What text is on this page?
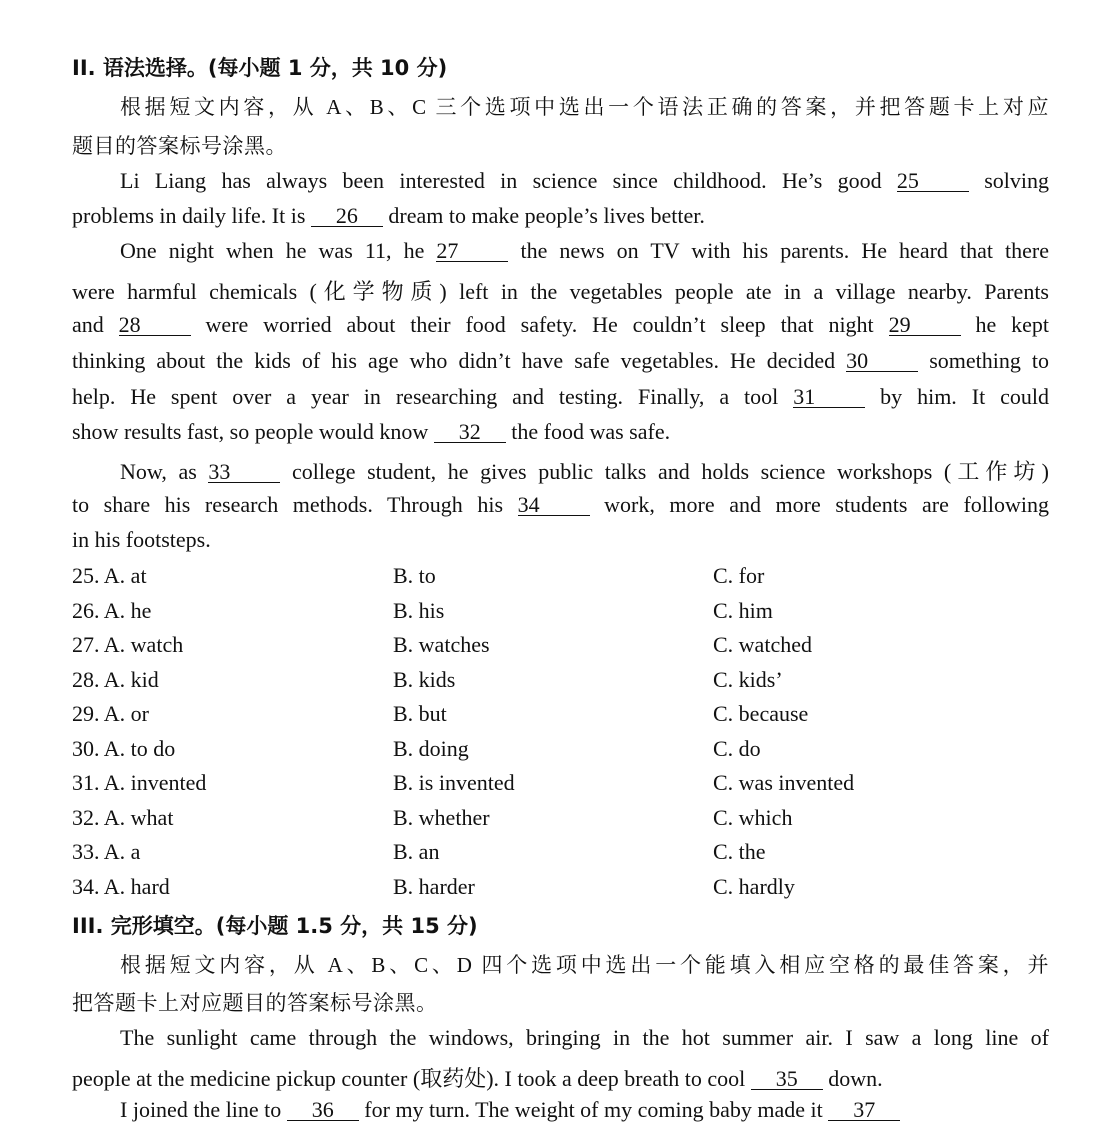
II. 语法选择。(每小题 1 分，共 10 分)
根据短文内容，从 A、B、C 三个选项中选出一个语法正确的答案，并把答题卡上对应
题目的答案标号涂黑。
Li Liang has always been interested in science since childhood. He’s good 25 solving
problems in daily life. It is 26 dream to make people’s lives better.
One night when he was 11, he 27 the news on TV with his parents. He heard that there
were harmful chemicals (化学物质) left in the vegetables people ate in a village nearby. Parents
and 28 were worried about their food safety. He couldn’t sleep that night 29 he kept
thinking about the kids of his age who didn’t have safe vegetables. He decided 30 something to
help. He spent over a year in researching and testing. Finally, a tool 31 by him. It could
show results fast, so people would know 32 the food was safe.
Now, as 33 college student, he gives public talks and holds science workshops (工作坊)
to share his research methods. Through his 34 work, more and more students are following
in his footsteps.
25. A. at	B. to	C. for
26. A. he	B. his	C. him
27. A. watch	B. watches	C. watched
28. A. kid	B. kids	C. kids’
29. A. or	B. but	C. because
30. A. to do	B. doing	C. do
31. A. invented	B. is invented	C. was invented
32. A. what	B. whether	C. which
33. A. a	B. an	C. the
34. A. hard	B. harder	C. hardly
III. 完形填空。(每小题 1.5 分，共 15 分)
根据短文内容，从 A、B、C、D 四个选项中选出一个能填入相应空格的最佳答案，并
把答题卡上对应题目的答案标号涂黑。
The sunlight came through the windows, bringing in the hot summer air. I saw a long line of
people at the medicine pickup counter (取药处). I took a deep breath to cool 35 down.
I joined the line to 36 for my turn. The weight of my coming baby made it 37
